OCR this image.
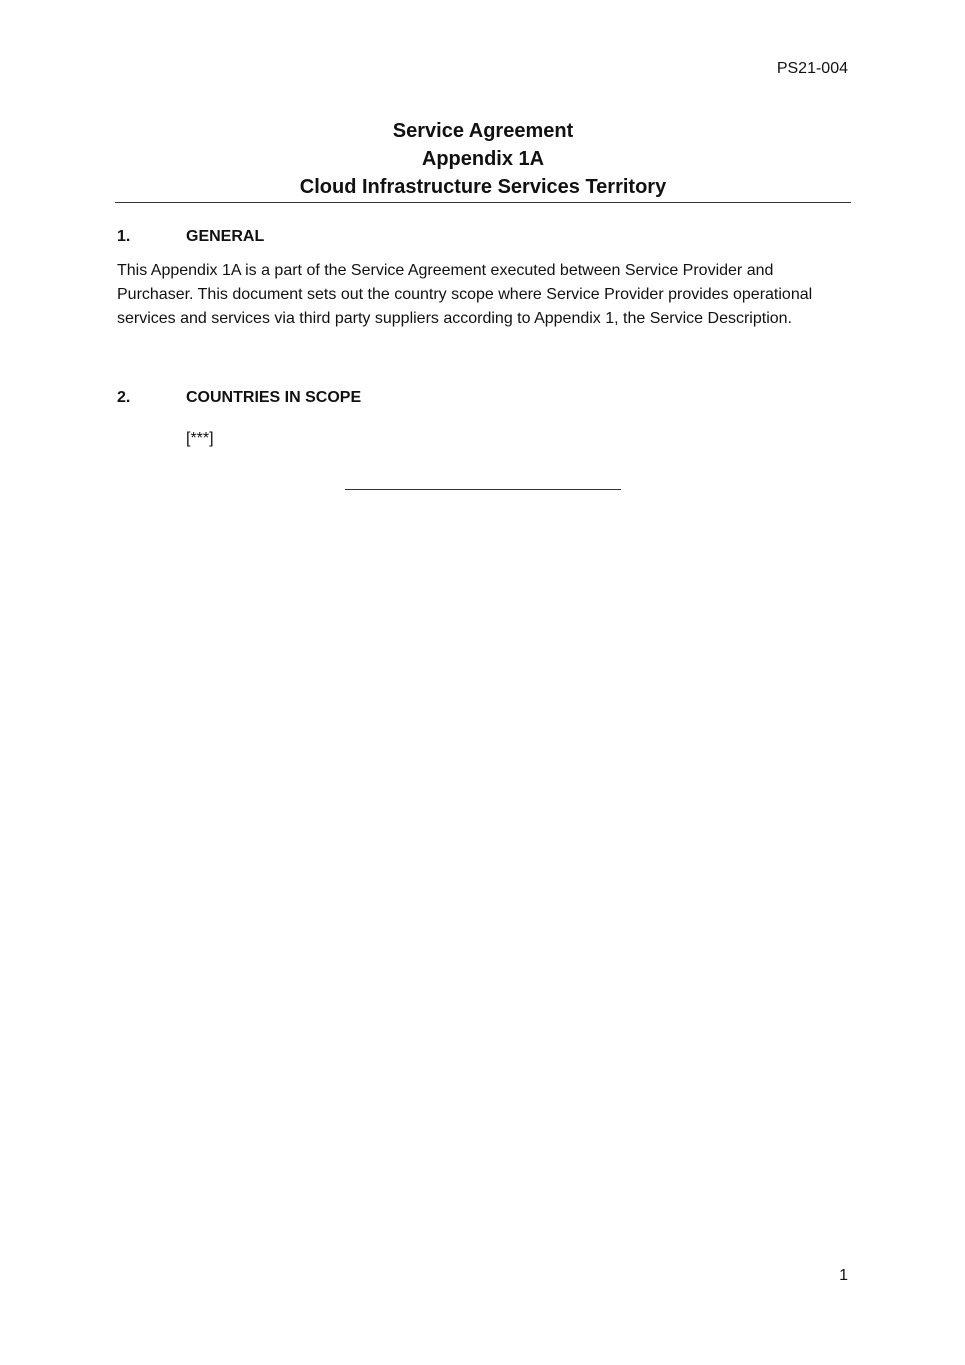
PS21-004
Service Agreement
Appendix 1A
Cloud Infrastructure Services Territory
1.	GENERAL
This Appendix 1A is a part of the Service Agreement executed between Service Provider and Purchaser. This document sets out the country scope where Service Provider provides operational services and services via third party suppliers according to Appendix 1, the Service Description.
2.	COUNTRIES IN SCOPE
[***]
1
